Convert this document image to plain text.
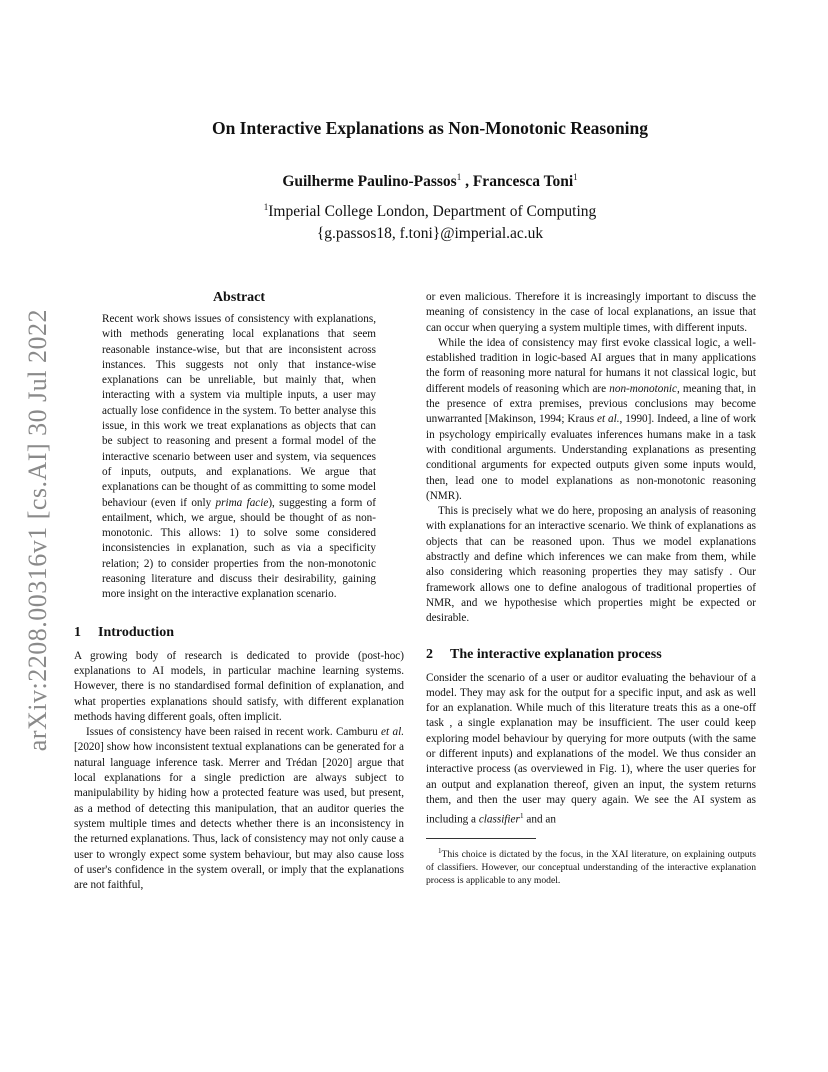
arXiv:2208.00316v1 [cs.AI] 30 Jul 2022
On Interactive Explanations as Non-Monotonic Reasoning
Guilherme Paulino-Passos$^1$ , Francesca Toni$^1$
$^1$Imperial College London, Department of Computing
{g.passos18, f.toni}@imperial.ac.uk
Abstract

Recent work shows issues of consistency with explanations, with methods generating local explanations that seem reasonable instance-wise, but that are inconsistent across instances. This suggests not only that instance-wise explanations can be unreliable, but mainly that, when interacting with a system via multiple inputs, a user may actually lose confidence in the system. To better analyse this issue, in this work we treat explanations as objects that can be subject to reasoning and present a formal model of the interactive scenario between user and system, via sequences of inputs, outputs, and explanations. We argue that explanations can be thought of as committing to some model behaviour (even if only prima facie), suggesting a form of entailment, which, we argue, should be thought of as non-monotonic. This allows: 1) to solve some considered inconsistencies in explanation, such as via a specificity relation; 2) to consider properties from the non-monotonic reasoning literature and discuss their desirability, gaining more insight on the interactive explanation scenario.

1 Introduction

A growing body of research is dedicated to provide (post-hoc) explanations to AI models, in particular machine learning systems. However, there is no standardised formal definition of explanation, and what properties explanations should satisfy, with different explanation methods having different goals, often implicit.

Issues of consistency have been raised in recent work. Camburu et al. [2020] show how inconsistent textual explanations can be generated for a natural language inference task. Merrer and Trédan [2020] argue that local explanations for a single prediction are always subject to manipulability by hiding how a protected feature was used, but present, as a method of detecting this manipulation, that an auditor queries the system multiple times and detects whether there is an inconsistency in the returned explanations. Thus, lack of consistency may not only cause a user to wrongly expect some system behaviour, but may also cause loss of user's confidence in the system overall, or imply that the explanations are not faithful,

or even malicious. Therefore it is increasingly important to discuss the meaning of consistency in the case of local explanations, an issue that can occur when querying a system multiple times, with different inputs.

While the idea of consistency may first evoke classical logic, a well-established tradition in logic-based AI argues that in many applications the form of reasoning more natural for humans it not classical logic, but different models of reasoning which are non-monotonic, meaning that, in the presence of extra premises, previous conclusions may become unwarranted [Makinson, 1994; Kraus et al., 1990]. Indeed, a line of work in psychology empirically evaluates inferences humans make in a task with conditional arguments. Understanding explanations as presenting conditional arguments for expected outputs given some inputs would, then, lead one to model explanations as non-monotonic reasoning (NMR).

This is precisely what we do here, proposing an analysis of reasoning with explanations for an interactive scenario. We think of explanations as objects that can be reasoned upon. Thus we model explanations abstractly and define which inferences we can make from them, while also considering which reasoning properties they may satisfy . Our framework allows one to define analogous of traditional properties of NMR, and we hypothesise which properties might be expected or desirable.

2 The interactive explanation process

Consider the scenario of a user or auditor evaluating the behaviour of a model. They may ask for the output for a specific input, and ask as well for an explanation. While much of this literature treats this as a one-off task , a single explanation may be insufficient. The user could keep exploring model behaviour by querying for more outputs (with the same or different inputs) and explanations of the model. We thus consider an interactive process (as overviewed in Fig. 1), where the user queries for an output and explanation thereof, given an input, the system returns them, and then the user may query again. We see the AI system as including a classifier$^1$ and an

$^1$This choice is dictated by the focus, in the XAI literature, on explaining outputs of classifiers. However, our conceptual understanding of the interactive explanation process is applicable to any model.
